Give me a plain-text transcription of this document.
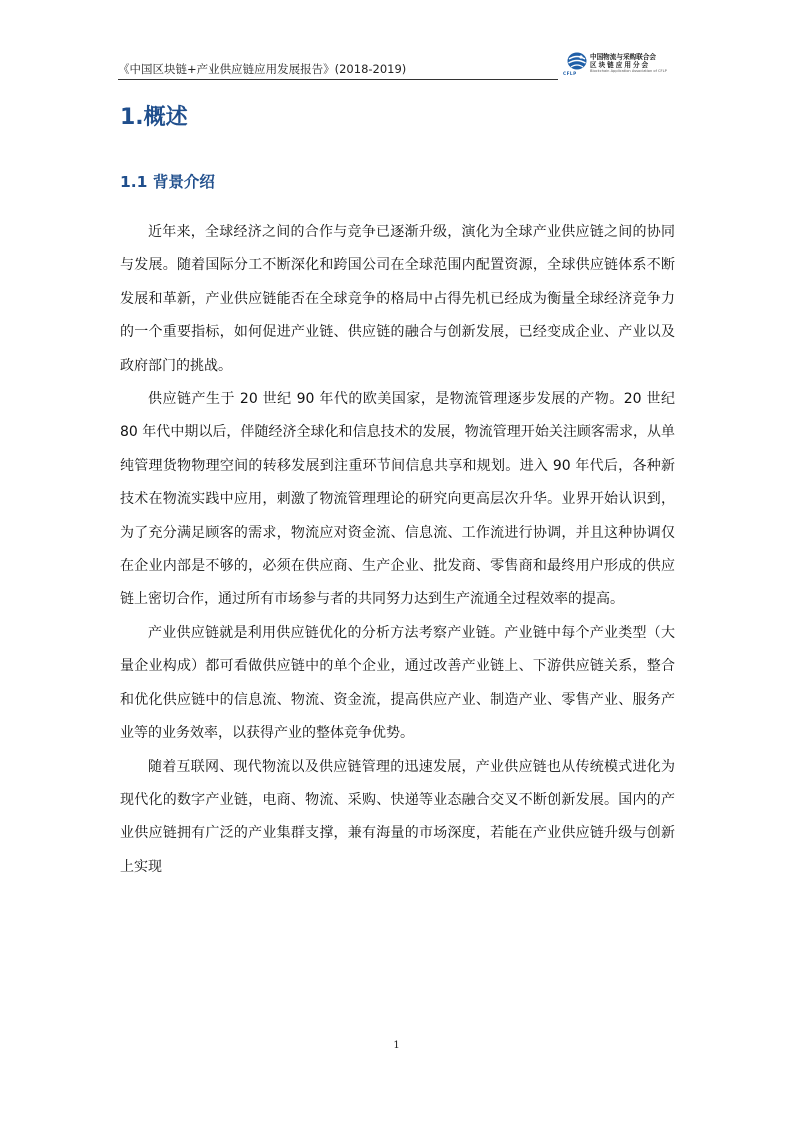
《中国区块链+产业供应链应用发展报告》(2018-2019)	CFLP
中国物流与采购联合会
区块链应用分会
Blockchain Application Association of CFLP
1.概述
1.1 背景介绍

近年来，全球经济之间的合作与竞争已逐渐升级，演化为全球产业供应链之间的协同与发展。随着国际分工不断深化和跨国公司在全球范围内配置资源，全球供应链体系不断发展和革新，产业供应链能否在全球竞争的格局中占得先机已经成为衡量全球经济竞争力的一个重要指标，如何促进产业链、供应链的融合与创新发展，已经变成企业、产业以及政府部门的挑战。

供应链产生于 20 世纪 90 年代的欧美国家，是物流管理逐步发展的产物。20 世纪 80 年代中期以后，伴随经济全球化和信息技术的发展，物流管理开始关注顾客需求，从单纯管理货物物理空间的转移发展到注重环节间信息共享和规划。进入 90 年代后，各种新技术在物流实践中应用，刺激了物流管理理论的研究向更高层次升华。业界开始认识到，为了充分满足顾客的需求，物流应对资金流、信息流、工作流进行协调，并且这种协调仅在企业内部是不够的，必须在供应商、生产企业、批发商、零售商和最终用户形成的供应链上密切合作，通过所有市场参与者的共同努力达到生产流通全过程效率的提高。

产业供应链就是利用供应链优化的分析方法考察产业链。产业链中每个产业类型（大量企业构成）都可看做供应链中的单个企业，通过改善产业链上、下游供应链关系，整合和优化供应链中的信息流、物流、资金流，提高供应产业、制造产业、零售产业、服务产业等的业务效率，以获得产业的整体竞争优势。

随着互联网、现代物流以及供应链管理的迅速发展，产业供应链也从传统模式进化为现代化的数字产业链，电商、物流、采购、快递等业态融合交叉不断创新发展。国内的产业供应链拥有广泛的产业集群支撑，兼有海量的市场深度，若能在产业供应链升级与创新上实现

1
